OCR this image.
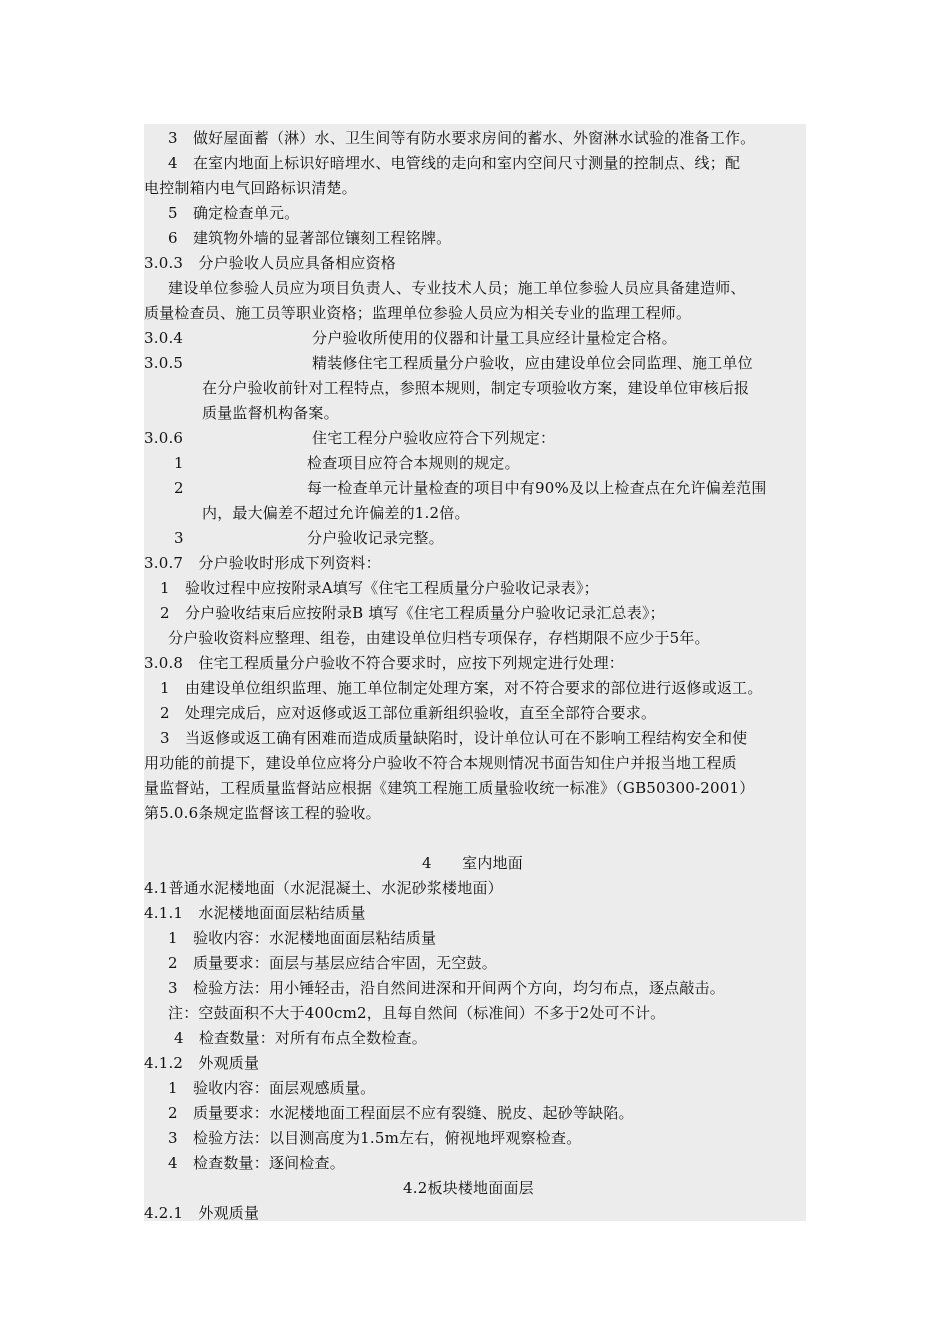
3　做好屋面蓄（淋）水、卫生间等有防水要求房间的蓄水、外窗淋水试验的准备工作。
4　在室内地面上标识好暗埋水、电管线的走向和室内空间尺寸测量的控制点、线；配
电控制箱内电气回路标识清楚。
5　确定检查单元。
6　建筑物外墙的显著部位镶刻工程铭牌。
3.0.3　分户验收人员应具备相应资格
建设单位参验人员应为项目负责人、专业技术人员；施工单位参验人员应具备建造师、
质量检查员、施工员等职业资格；监理单位参验人员应为相关专业的监理工程师。
3.0.4	分户验收所使用的仪器和计量工具应经计量检定合格。
3.0.5	精装修住宅工程质量分户验收，应由建设单位会同监理、施工单位
在分户验收前针对工程特点，参照本规则，制定专项验收方案，建设单位审核后报
质量监督机构备案。
3.0.6	住宅工程分户验收应符合下列规定：
1	检查项目应符合本规则的规定。
2	每一检查单元计量检查的项目中有90%及以上检查点在允许偏差范围
内，最大偏差不超过允许偏差的1.2倍。
3	分户验收记录完整。
3.0.7　分户验收时形成下列资料：
1　验收过程中应按附录A填写《住宅工程质量分户验收记录表》；
2　分户验收结束后应按附录B 填写《住宅工程质量分户验收记录汇总表》；
分户验收资料应整理、组卷，由建设单位归档专项保存，存档期限不应少于5年。
3.0.8　住宅工程质量分户验收不符合要求时，应按下列规定进行处理：
1　由建设单位组织监理、施工单位制定处理方案，对不符合要求的部位进行返修或返工。
2　处理完成后，应对返修或返工部位重新组织验收，直至全部符合要求。
3　当返修或返工确有困难而造成质量缺陷时，设计单位认可在不影响工程结构安全和使
用功能的前提下，建设单位应将分户验收不符合本规则情况书面告知住户并报当地工程质
量监督站，工程质量监督站应根据《建筑工程施工质量验收统一标准》（GB50300-2001）
第5.0.6条规定监督该工程的验收。
4　　室内地面
4.1普通水泥楼地面（水泥混凝土、水泥砂浆楼地面）
4.1.1　水泥楼地面面层粘结质量
1　验收内容：水泥楼地面面层粘结质量
2　质量要求：面层与基层应结合牢固，无空鼓。
3　检验方法：用小锤轻击，沿自然间进深和开间两个方向，均匀布点，逐点敲击。
注：空鼓面积不大于400cm2，且每自然间（标准间）不多于2处可不计。
4　检查数量：对所有布点全数检查。
4.1.2　外观质量
1　验收内容：面层观感质量。
2　质量要求：水泥楼地面工程面层不应有裂缝、脱皮、起砂等缺陷。
3　检验方法：以目测高度为1.5m左右，俯视地坪观察检查。
4　检查数量：逐间检查。
4.2板块楼地面面层
4.2.1　外观质量
